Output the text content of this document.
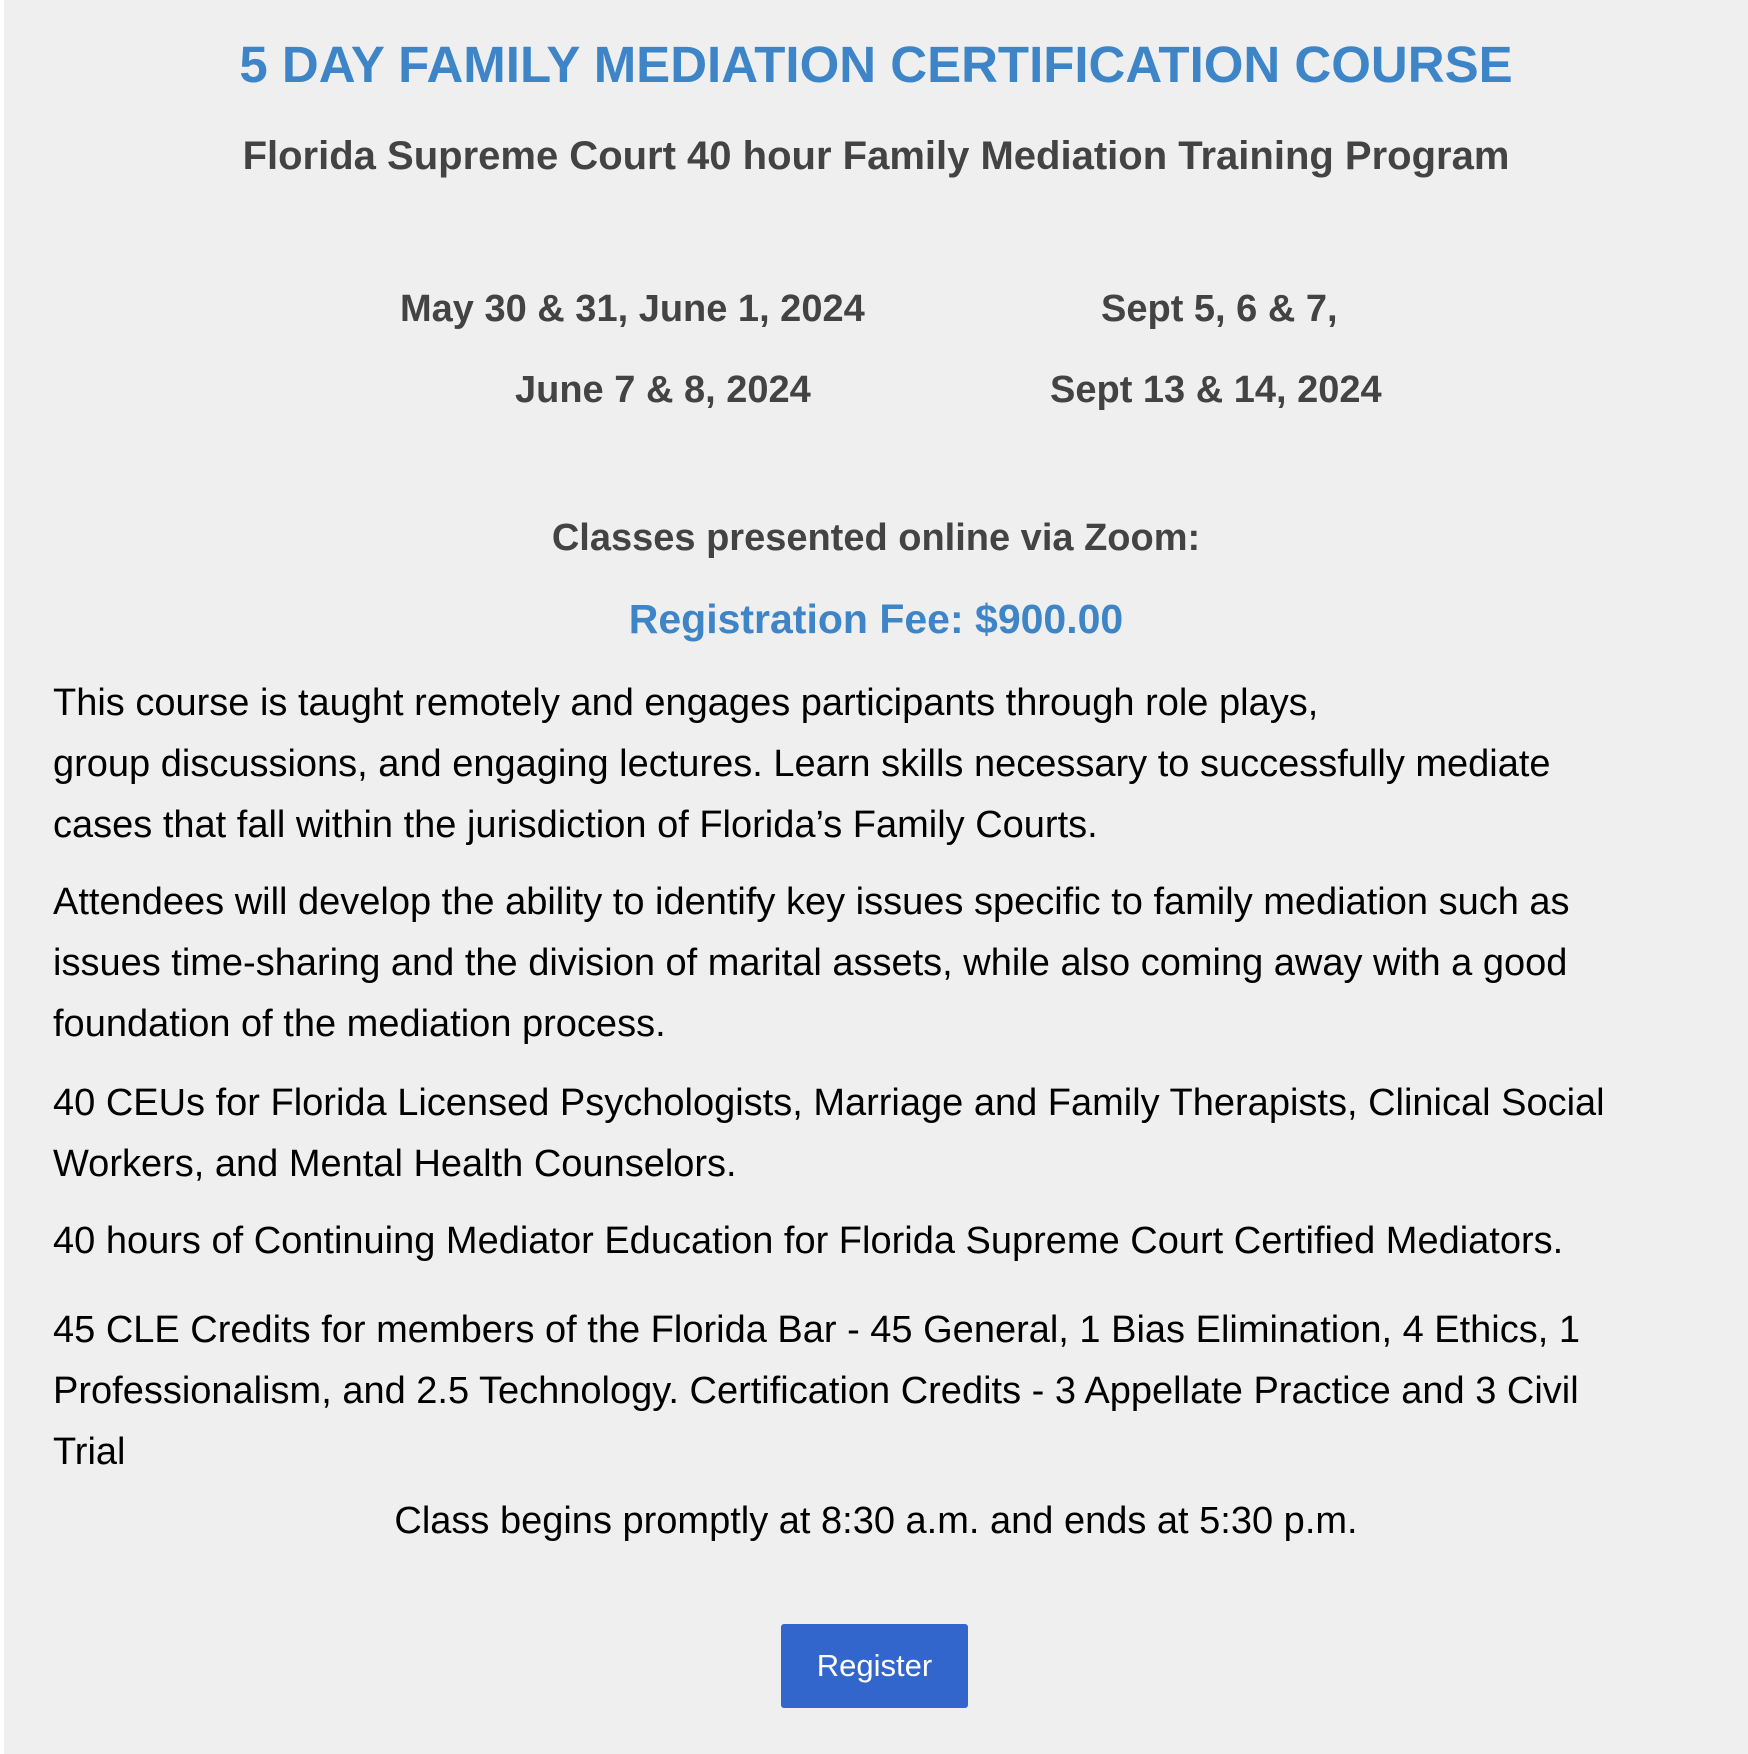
5 DAY FAMILY MEDIATION CERTIFICATION COURSE
Florida Supreme Court 40 hour Family Mediation Training Program
May 30 & 31, June 1, 2024	Sept 5, 6 & 7,
June 7 & 8, 2024	Sept 13 & 14, 2024
Classes presented online via Zoom:
Registration Fee: $900.00
This course is taught remotely and engages participants through role plays,
group discussions, and engaging lectures. Learn skills necessary to successfully mediate
cases that fall within the jurisdiction of Florida’s Family Courts.
Attendees will develop the ability to identify key issues specific to family mediation such as
issues time-sharing and the division of marital assets, while also coming away with a good
foundation of the mediation process.
40 CEUs for Florida Licensed Psychologists, Marriage and Family Therapists, Clinical Social
Workers, and Mental Health Counselors.
40 hours of Continuing Mediator Education for Florida Supreme Court Certified Mediators.
45 CLE Credits for members of the Florida Bar - 45 General, 1 Bias Elimination, 4 Ethics, 1
Professionalism, and 2.5 Technology. Certification Credits - 3 Appellate Practice and 3 Civil
Trial
Class begins promptly at 8:30 a.m. and ends at 5:30 p.m.
Register
